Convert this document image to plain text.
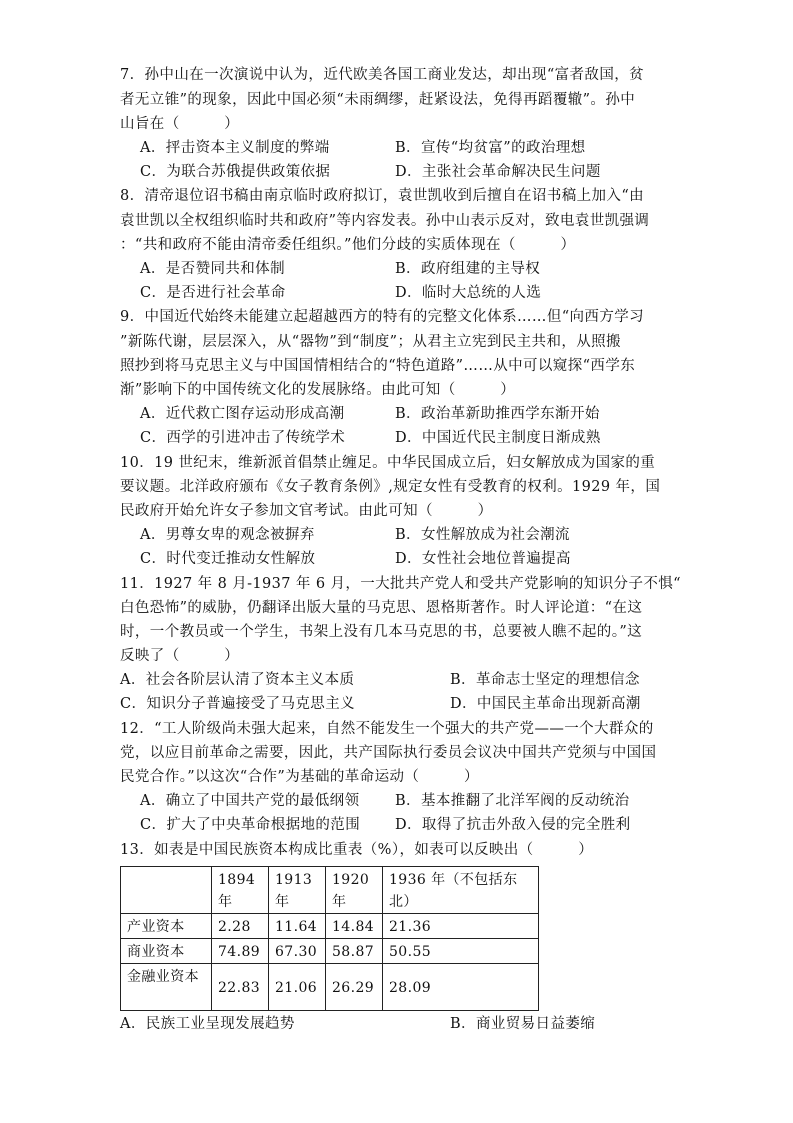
7．孙中山在一次演说中认为，近代欧美各国工商业发达，却出现“富者敌国，贫
者无立锥”的现象，因此中国必须“未雨绸缪，赶紧设法，免得再蹈覆辙”。孙中
山旨在（　　　）
A．抨击资本主义制度的弊端	B．宣传“均贫富”的政治理想
C．为联合苏俄提供政策依据	D．主张社会革命解决民生问题
8．清帝退位诏书稿由南京临时政府拟订，袁世凯收到后擅自在诏书稿上加入“由
袁世凯以全权组织临时共和政府”等内容发表。孙中山表示反对，致电袁世凯强调
：“共和政府不能由清帝委任组织。”他们分歧的实质体现在（　　　）
A．是否赞同共和体制	B．政府组建的主导权
C．是否进行社会革命	D．临时大总统的人选
9．中国近代始终未能建立起超越西方的特有的完整文化体系……但“向西方学习
”新陈代谢，层层深入，从“器物”到“制度”；从君主立宪到民主共和，从照搬
照抄到将马克思主义与中国国情相结合的“特色道路”……从中可以窥探“西学东
渐”影响下的中国传统文化的发展脉络。由此可知（　　　）
A．近代救亡图存运动形成高潮	B．政治革新助推西学东渐开始
C．西学的引进冲击了传统学术	D．中国近代民主制度日渐成熟
10．19 世纪末，维新派首倡禁止缠足。中华民国成立后，妇女解放成为国家的重
要议题。北洋政府颁布《女子教育条例》,规定女性有受教育的权利。1929 年，国
民政府开始允许女子参加文官考试。由此可知（　　　）
A．男尊女卑的观念被摒弃	B．女性解放成为社会潮流
C．时代变迁推动女性解放	D．女性社会地位普遍提高
11．1927 年 8 月-1937 年 6 月，一大批共产党人和受共产党影响的知识分子不惧“
白色恐怖”的威胁，仍翻译出版大量的马克思、恩格斯著作。时人评论道：“在这
时，一个教员或一个学生，书架上没有几本马克思的书，总要被人瞧不起的。”这
反映了（　　　）
A．社会各阶层认清了资本主义本质	B．革命志士坚定的理想信念
C．知识分子普遍接受了马克思主义	D．中国民主革命出现新高潮
12．“工人阶级尚未强大起来，自然不能发生一个强大的共产党——一个大群众的
党，以应目前革命之需要，因此，共产国际执行委员会议决中国共产党须与中国国
民党合作。”以这次“合作”为基础的革命运动（　　　）
A．确立了中国共产党的最低纲领 B．基本推翻了北洋军阀的反动统治
C．扩大了中央革命根据地的范围 D．取得了抗击外敌入侵的完全胜利
13．如表是中国民族资本构成比重表（%），如表可以反映出（　　　）
	1894 年	1913 年	1920 年	1936 年（不包括东北）
产业资本	2.28	11.64	14.84	21.36
商业资本	74.89	67.30	58.87	50.55
金融业资本	22.83	21.06	26.29	28.09
A．民族工业呈现发展趋势	B．商业贸易日益萎缩
